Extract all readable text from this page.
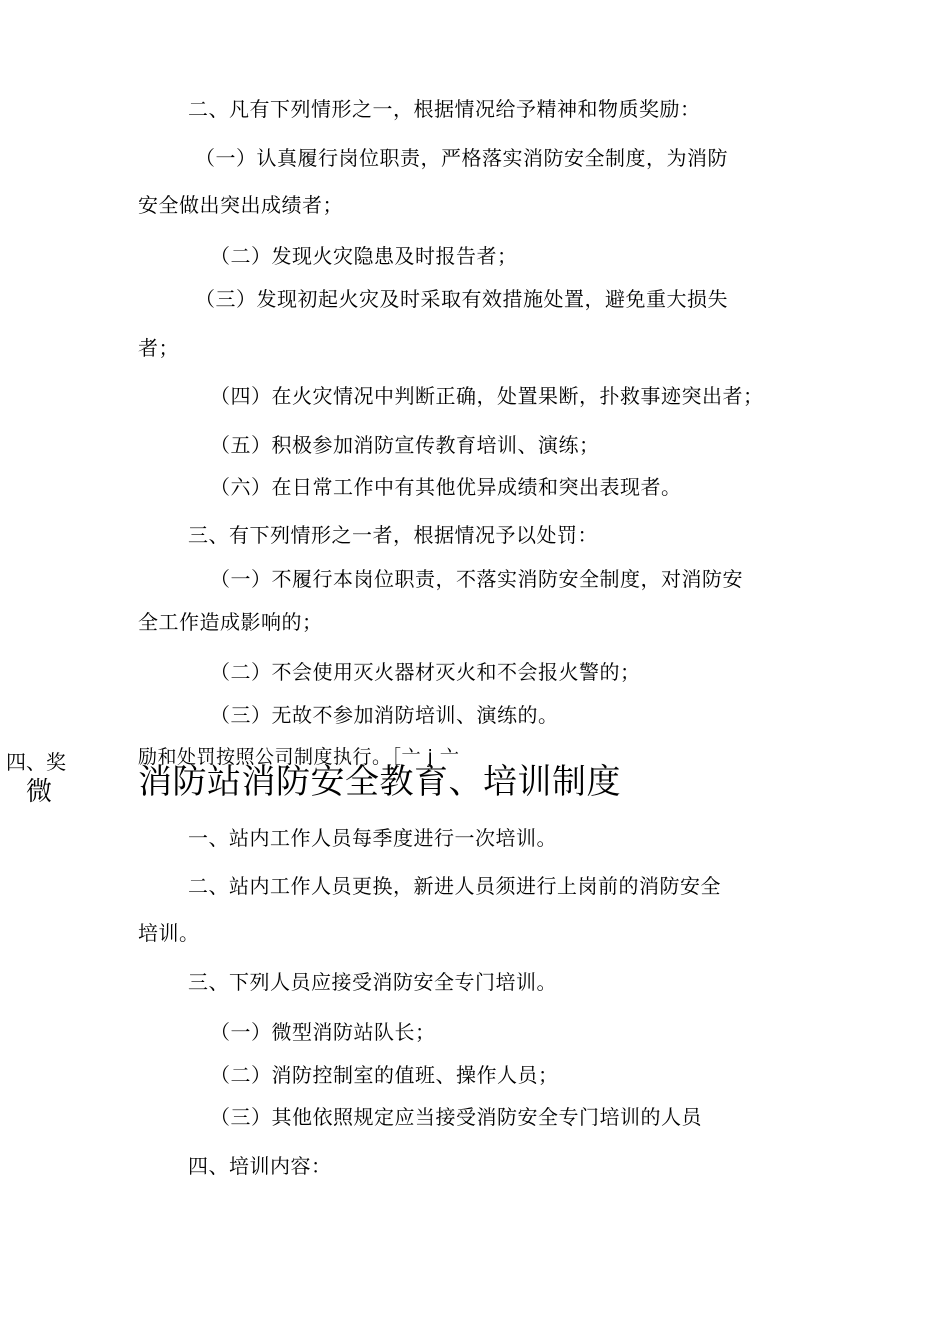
二、凡有下列情形之一，根据情况给予精神和物质奖励：
（一）认真履行岗位职责，严格落实消防安全制度，为消防
安全做出突出成绩者；
（二）发现火灾隐患及时报告者；
（三）发现初起火灾及时采取有效措施处置，避免重大损失
者；
（四）在火灾情况中判断正确，处置果断，扑救事迹突出者；
（五）积极参加消防宣传教育培训、演练；
（六）在日常工作中有其他优异成绩和突出表现者。
三、有下列情形之一者，根据情况予以处罚：
（一）不履行本岗位职责，不落实消防安全制度，对消防安
全工作造成影响的；
（二）不会使用灭火器材灭火和不会报火警的；
（三）无故不参加消防培训、演练的。
四、奖
微
励和处罚按照公司制度执行。［亠 j 亠
消防站消防安全教育、培训制度
一、站内工作人员每季度进行一次培训。
二、站内工作人员更换，新进人员须进行上岗前的消防安全
培训。
三、下列人员应接受消防安全专门培训。
（一）微型消防站队长；
（二）消防控制室的值班、操作人员；
（三）其他依照规定应当接受消防安全专门培训的人员
四、培训内容：
